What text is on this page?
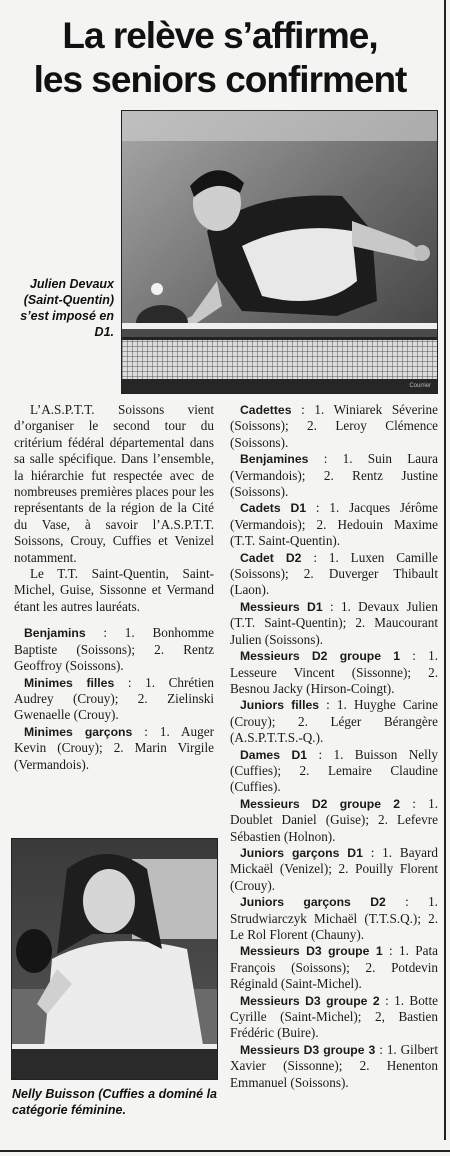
La relève s’affirme,
les seniors confirment
Courrier
Julien Devaux (Saint-Quentin) s’est imposé en D1.
Nelly Buisson (Cuffies a dominé la catégorie féminine.

L’A.S.P.T.T. Soissons vient d’organiser le second tour du critérium fédéral départemental dans sa salle spécifique. Dans l’ensemble, la hiérarchie fut respectée avec de nombreuses premières places pour les représentants de la région de la Cité du Vase, à savoir l’A.S.P.T.T. Soissons, Crouy, Cuffies et Venizel notamment.

Le T.T. Saint-Quentin, Saint-Michel, Guise, Sissonne et Vermand étant les autres lauréats.

Benjamins : 1. Bonhomme Baptiste (Soissons); 2. Rentz Geoffroy (Soissons).

Minimes filles : 1. Chrétien Audrey (Crouy); 2. Zielinski Gwenaelle (Crouy).

Minimes garçons : 1. Auger Kevin (Crouy); 2. Marin Virgile (Vermandois).

Cadettes : 1. Winiarek Séverine (Soissons); 2. Leroy Clémence (Soissons).

Benjamines : 1. Suin Laura (Vermandois); 2. Rentz Justine (Soissons).

Cadets D1 : 1. Jacques Jérôme (Vermandois); 2. Hedouin Maxime (T.T. Saint-Quentin).

Cadet D2 : 1. Luxen Camille (Soissons); 2. Duverger Thibault (Laon).

Messieurs D1 : 1. Devaux Julien (T.T. Saint-Quentin); 2. Maucourant Julien (Soissons).

Messieurs D2 groupe 1 : 1. Lesseure Vincent (Sissonne); 2. Besnou Jacky (Hirson-Coingt).

Juniors filles : 1. Huyghe Carine (Crouy); 2. Léger Bérangère (A.S.P.T.T.S.-Q.).

Dames D1 : 1. Buisson Nelly (Cuffies); 2. Lemaire Claudine (Cuffies).

Messieurs D2 groupe 2 : 1. Doublet Daniel (Guise); 2. Lefevre Sébastien (Holnon).

Juniors garçons D1 : 1. Bayard Mickaël (Venizel); 2. Pouilly Florent (Crouy).

Juniors garçons D2 : 1. Strudwiarczyk Michaël (T.T.S.Q.); 2. Le Rol Florent (Chauny).

Messieurs D3 groupe 1 : 1. Pata François (Soissons); 2. Potdevin Réginald (Saint-Michel).

Messieurs D3 groupe 2 : 1. Botte Cyrille (Saint-Michel); 2, Bastien Frédéric (Buire).

Messieurs D3 groupe 3 : 1. Gilbert Xavier (Sissonne); 2. Henenton Emmanuel (Soissons).
